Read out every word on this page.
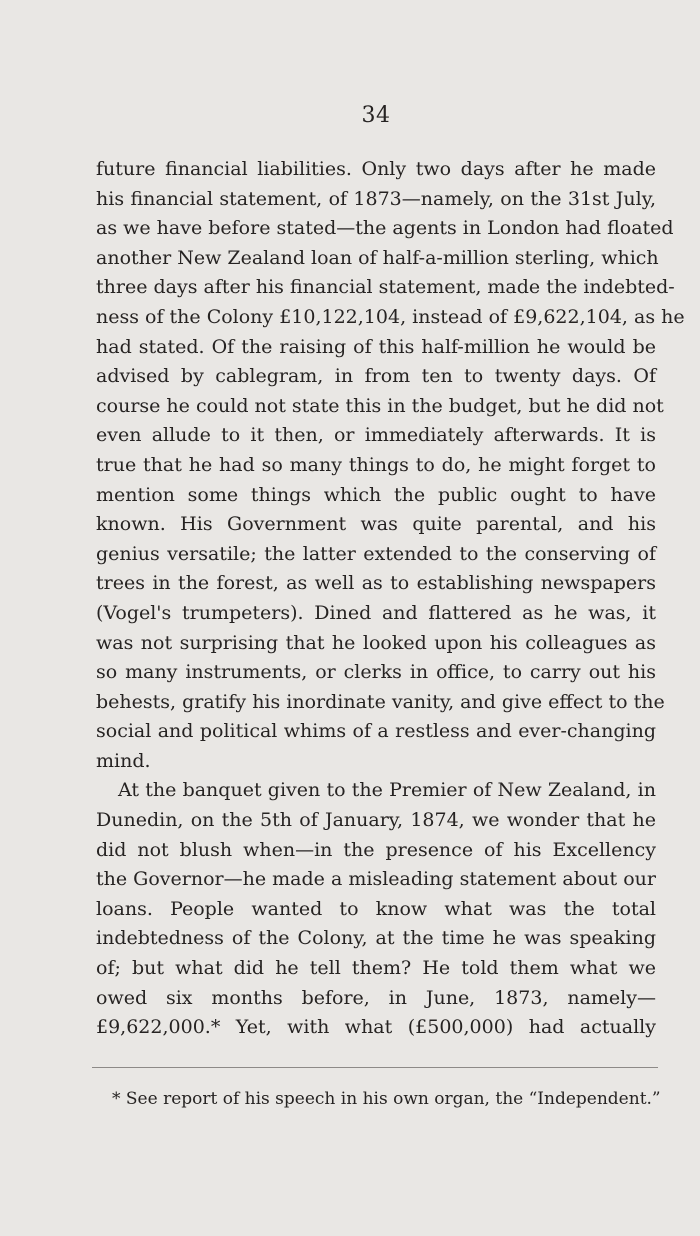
34
future financial liabilities. Only two days after he made
his financial statement, of 1873—namely, on the 31st July,
as we have before stated—the agents in London had floated
another New Zealand loan of half-a-million sterling, which
three days after his financial statement, made the indebted-
ness of the Colony £10,122,104, instead of £9,622,104, as he
had stated. Of the raising of this half-million he would be
advised by cablegram, in from ten to twenty days. Of
course he could not state this in the budget, but he did not
even allude to it then, or immediately afterwards. It is
true that he had so many things to do, he might forget to
mention some things which the public ought to have
known. His Government was quite parental, and his
genius versatile; the latter extended to the conserving of
trees in the forest, as well as to establishing newspapers
(Vogel's trumpeters). Dined and flattered as he was, it
was not surprising that he looked upon his colleagues as
so many instruments, or clerks in office, to carry out his
behests, gratify his inordinate vanity, and give effect to the
social and political whims of a restless and ever-changing
mind.
At the banquet given to the Premier of New Zealand, in
Dunedin, on the 5th of January, 1874, we wonder that he
did not blush when—in the presence of his Excellency
the Governor—he made a misleading statement about our
loans. People wanted to know what was the total
indebtedness of the Colony, at the time he was speaking
of; but what did he tell them? He told them what we
owed six months before, in June, 1873, namely—
£9,622,000.* Yet, with what (£500,000) had actually
* See report of his speech in his own organ, the “Independent.”
